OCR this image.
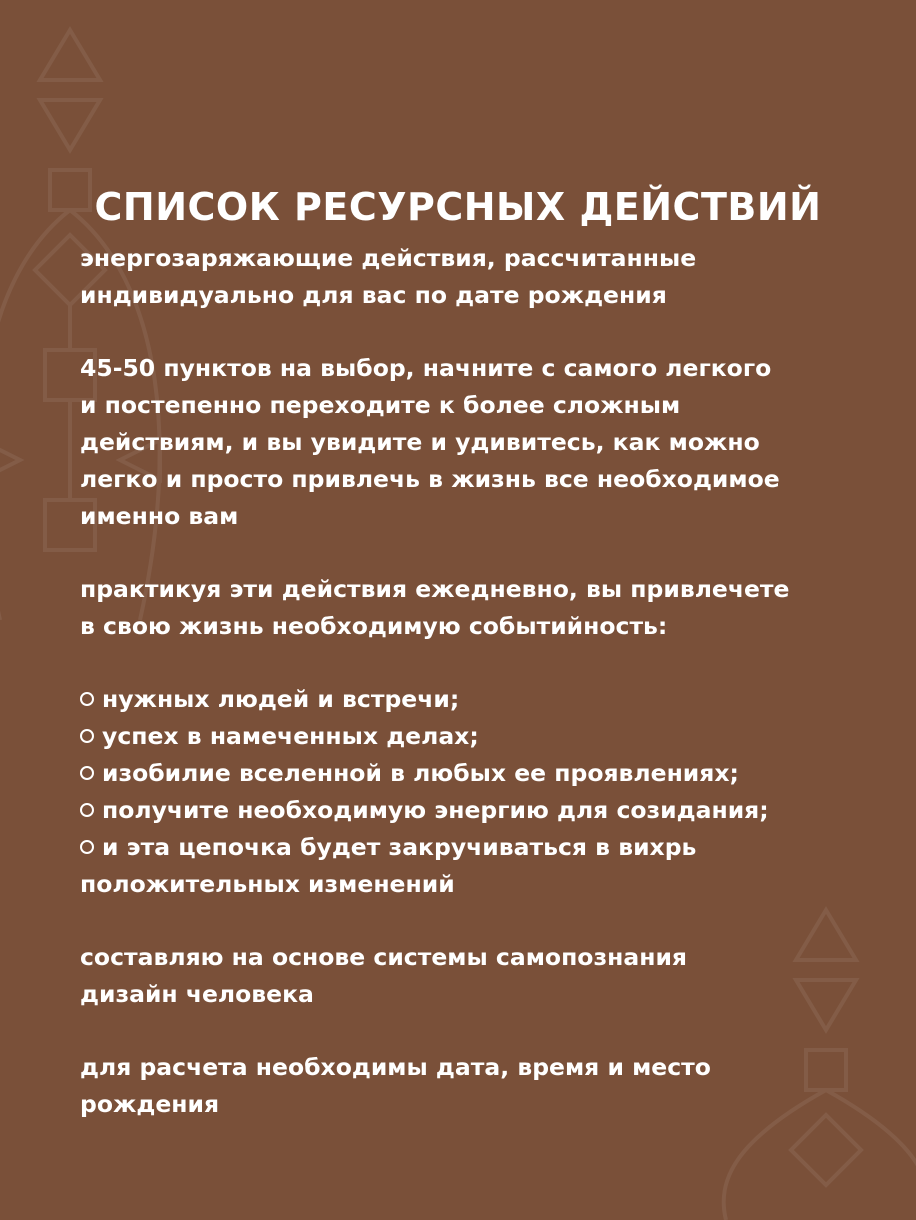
СПИСОК РЕСУРСНЫХ ДЕЙСТВИЙ

энергозаряжающие действия, рассчитанные
индивидуально для вас по дате рождения

45-50 пунктов на выбор, начните с самого легкого
и постепенно переходите к более сложным
действиям, и вы увидите и удивитесь, как можно
легко и просто привлечь в жизнь все необходимое
именно вам

практикуя эти действия ежедневно, вы привлечете
в свою жизнь необходимую событийность:

нужных людей и встречи;
успех в намеченных делах;
изобилие вселенной в любых ее проявлениях;
получите необходимую энергию для созидания;
и эта цепочка будет закручиваться в вихрь
положительных изменений

составляю на основе системы самопознания
дизайн человека

для расчета необходимы дата, время и место
рождения
